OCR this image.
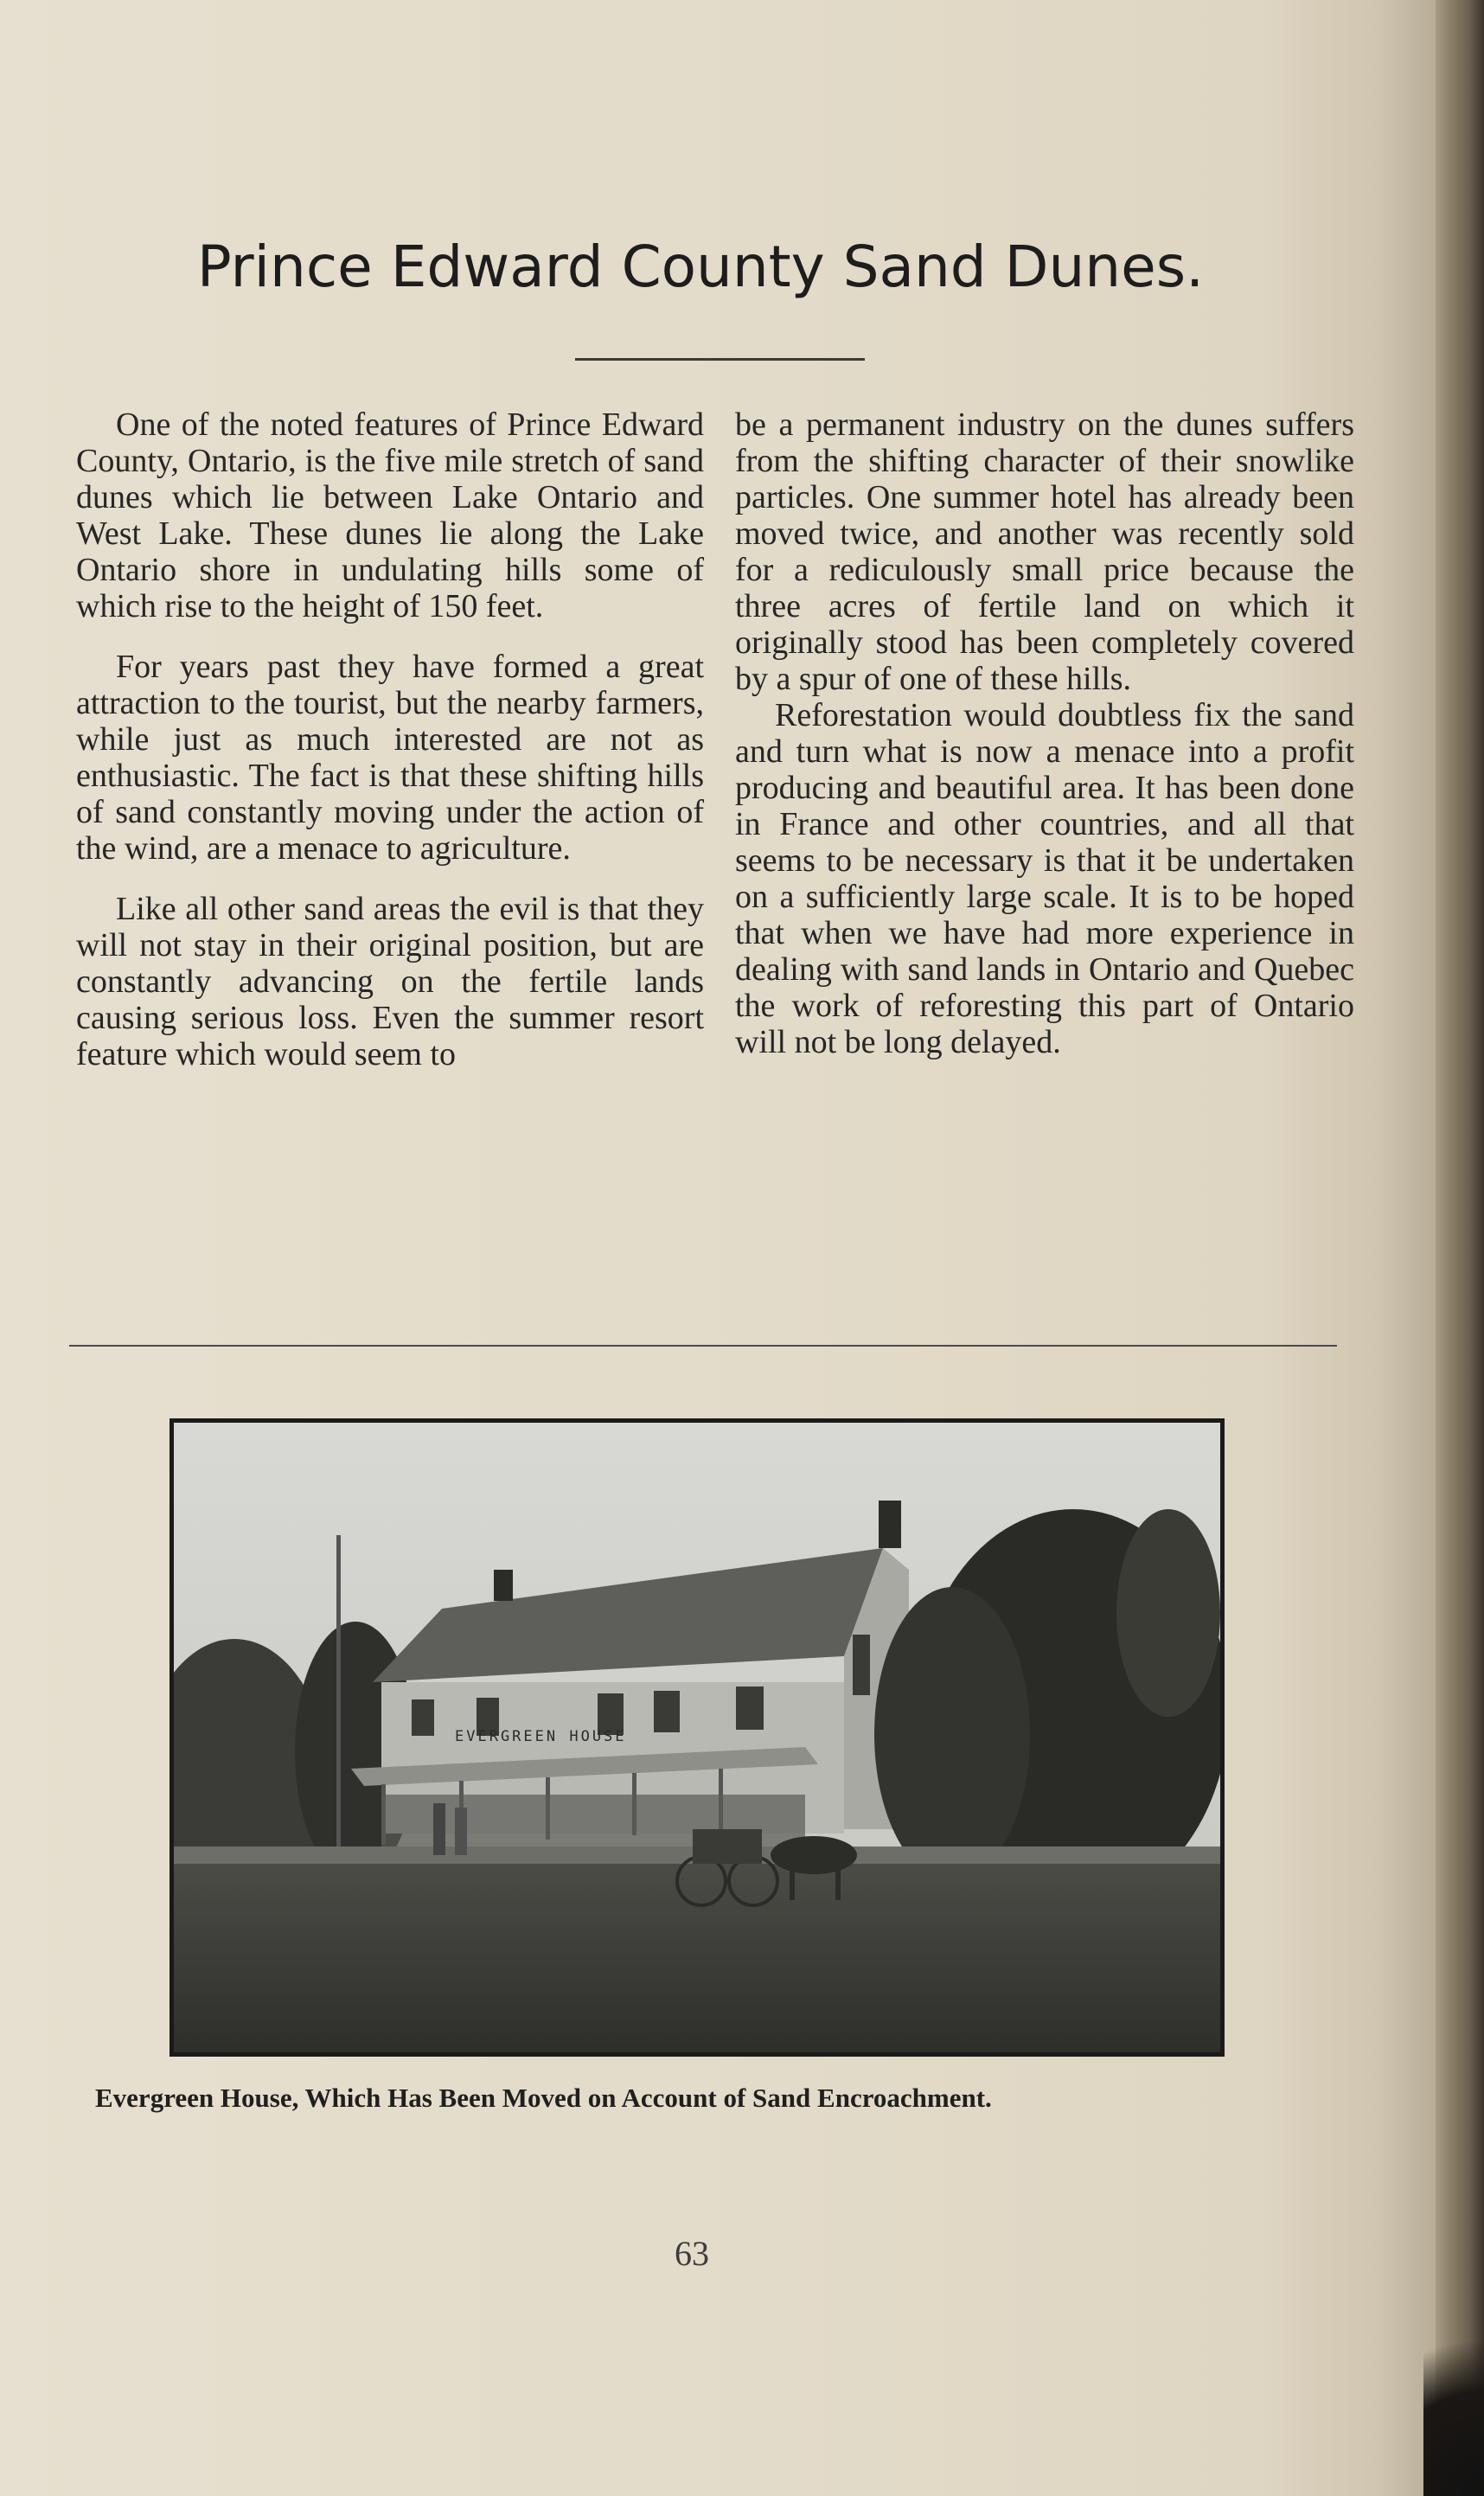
Prince Edward County Sand Dunes.

One of the noted features of Prince Edward County, Ontario, is the five mile stretch of sand dunes which lie between Lake Ontario and West Lake. These dunes lie along the Lake Ontario shore in undulating hills some of which rise to the height of 150 feet.

For years past they have formed a great attraction to the tourist, but the nearby farmers, while just as much interested are not as enthusiastic. The fact is that these shifting hills of sand constantly moving under the action of the wind, are a menace to agriculture.

Like all other sand areas the evil is that they will not stay in their original position, but are constantly advancing on the fertile lands causing serious loss. Even the summer resort feature which would seem to

be a permanent industry on the dunes suffers from the shifting character of their snowlike particles. One summer hotel has already been moved twice, and another was recently sold for a rediculously small price because the three acres of fertile land on which it originally stood has been completely covered by a spur of one of these hills.

Reforestation would doubtless fix the sand and turn what is now a menace into a profit producing and beautiful area. It has been done in France and other countries, and all that seems to be necessary is that it be undertaken on a sufficiently large scale. It is to be hoped that when we have had more experience in dealing with sand lands in Ontario and Quebec the work of reforesting this part of Ontario will not be long delayed.

EVERGREEN HOUSE

Evergreen House, Which Has Been Moved on Account of Sand Encroachment.

63
